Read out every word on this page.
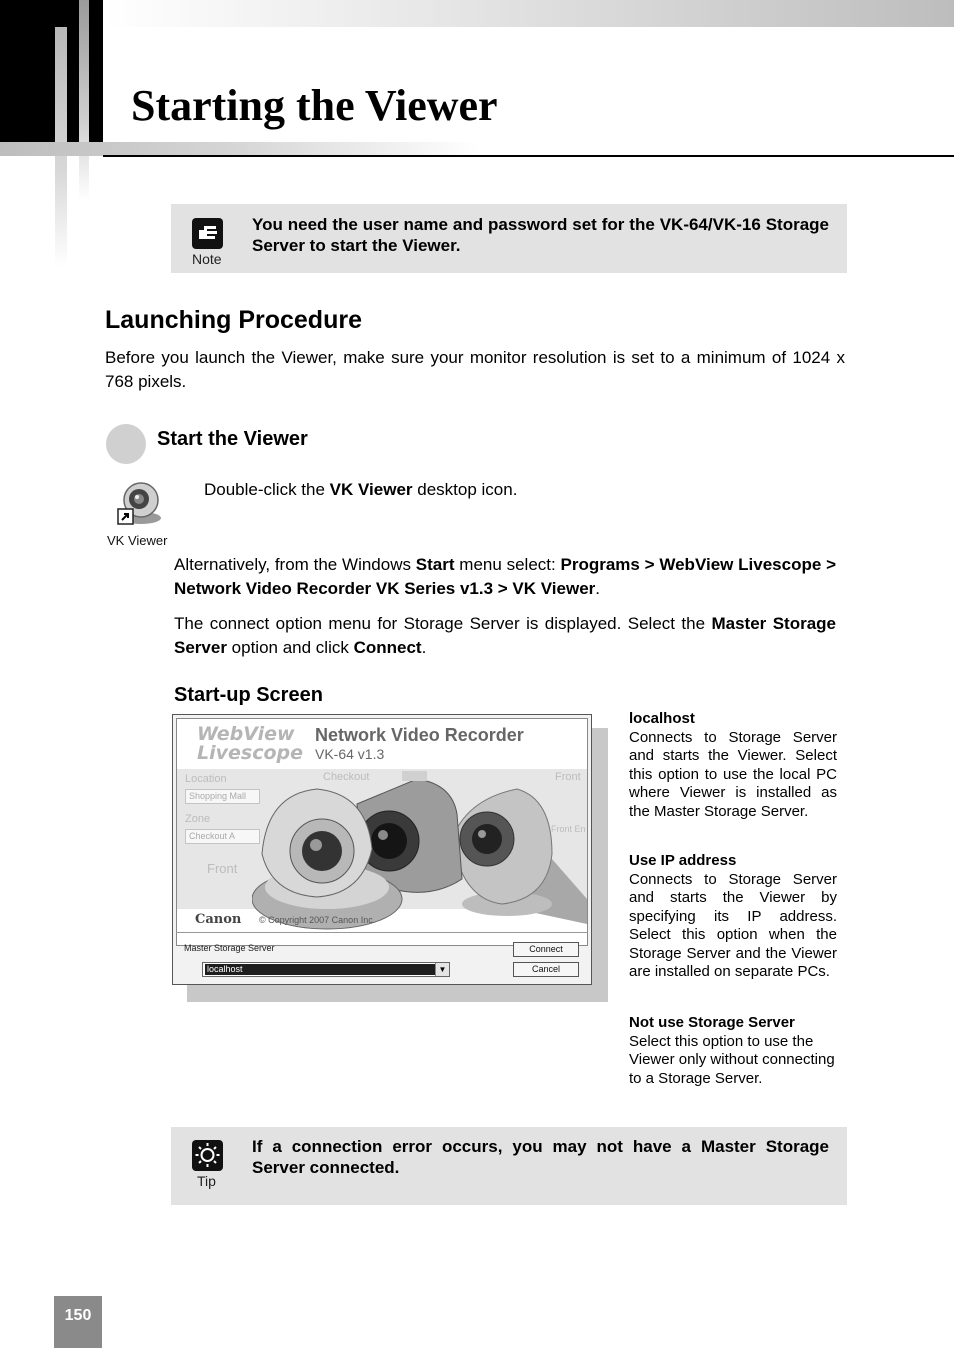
Starting the Viewer
Note
You need the user name and password set for the VK-64/VK-16 Storage Server to start the Viewer.
Launching Procedure

Before you launch the Viewer, make sure your monitor resolution is set to a minimum of 1024 x 768 pixels.

Start the Viewer
VK Viewer

Double-click the VK Viewer desktop icon.

Alternatively, from the Windows Start menu select: Programs > WebView Livescope > Network Video Recorder VK Series v1.3 > VK Viewer.

The connect option menu for Storage Server is displayed. Select the Master Storage Server option and click Connect.

Start-up Screen
WebView
Livescope
Network Video Recorder
VK-64 v1.3
Location
Shopping Mall
Zone
Checkout A
Checkout
Front
Front
Front En
Canon © Copyright 2007 Canon Inc.
Master Storage Server
localhost	▼
Connect
Cancel
localhost
Connects to Storage Server and starts the Viewer. Select this option to use the local PC where Viewer is installed as the Master Storage Server.
Use IP address
Connects to Storage Server and starts the Viewer by specifying its IP address. Select this option when the Storage Server and the Viewer are installed on separate PCs.
Not use Storage Server
Select this option to use the Viewer only without connecting to a Storage Server.
Tip
If a connection error occurs, you may not have a Master Storage Server connected.
150
